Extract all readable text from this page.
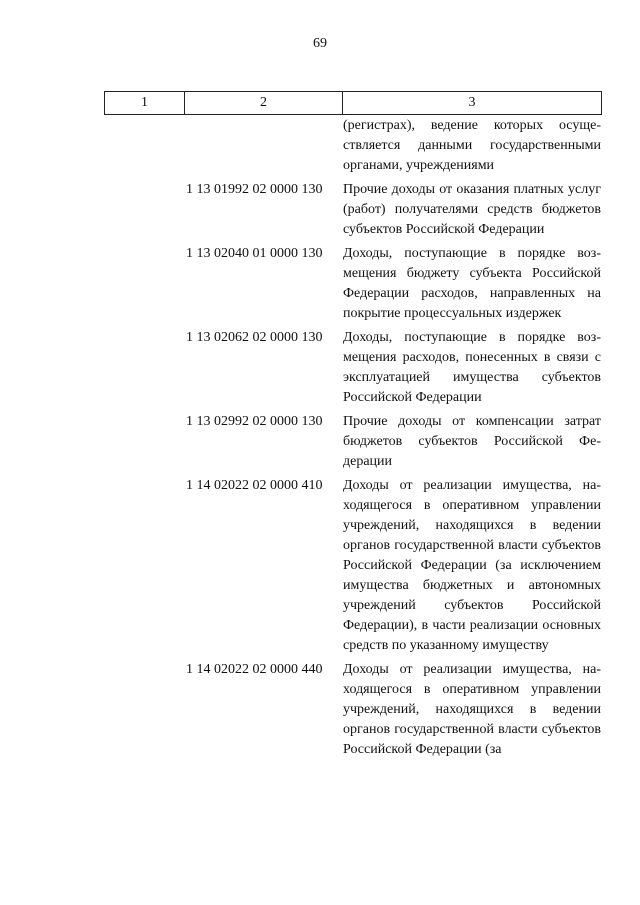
69
1	2	3
(регистрах), ведение которых осуществляется данными государственными органами, учреждениями
1 13 01992 02 0000 130 Прочие доходы от оказания платных услуг (работ) получателями средств бюджетов субъектов Российской Федерации
1 13 02040 01 0000 130 Доходы, поступающие в порядке возмещения бюджету субъекта Российской Федерации расходов, направленных на покрытие процессуальных издержек
1 13 02062 02 0000 130 Доходы, поступающие в порядке возмещения расходов, понесенных в связи с эксплуатацией имущества субъектов Российской Федерации
1 13 02992 02 0000 130 Прочие доходы от компенсации затрат бюджетов субъектов Российской Федерации
1 14 02022 02 0000 410 Доходы от реализации имущества, находящегося в оперативном управлении учреждений, находящихся в ведении органов государственной власти субъектов Российской Федерации (за исключением имущества бюджетных и автономных учреждений субъектов Российской Федерации), в части реализации основных средств по указанному имуществу
1 14 02022 02 0000 440 Доходы от реализации имущества, находящегося в оперативном управлении учреждений, находящихся в ведении органов государственной власти субъектов Российской Федерации (за
